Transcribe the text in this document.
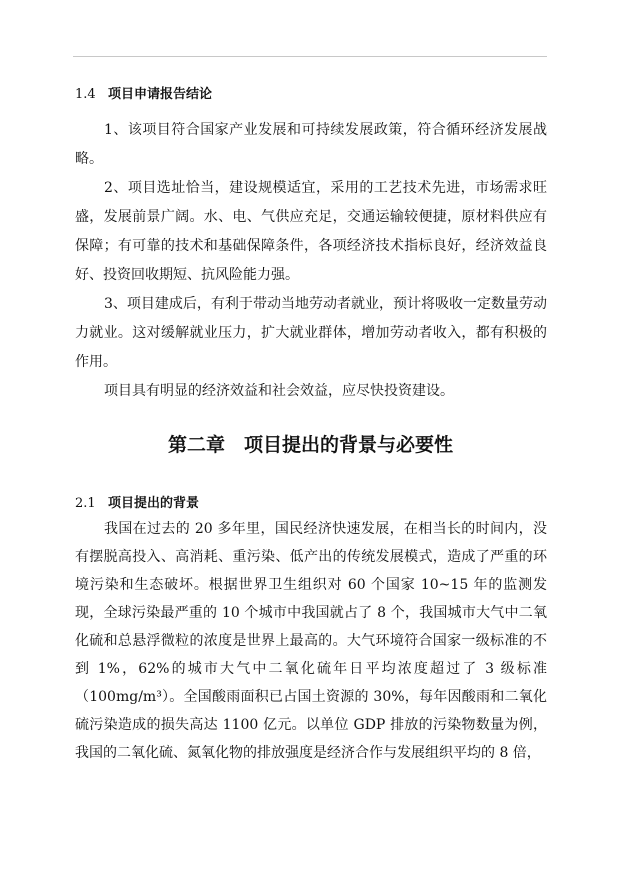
1.4 项目申请报告结论

1、该项目符合国家产业发展和可持续发展政策，符合循环经济发展战略。

2、项目选址恰当，建设规模适宜，采用的工艺技术先进，市场需求旺盛，发展前景广阔。水、电、气供应充足，交通运输较便捷，原材料供应有保障；有可靠的技术和基础保障条件，各项经济技术指标良好，经济效益良好、投资回收期短、抗风险能力强。

3、项目建成后，有利于带动当地劳动者就业，预计将吸收一定数量劳动力就业。这对缓解就业压力，扩大就业群体，增加劳动者收入，都有积极的作用。

项目具有明显的经济效益和社会效益，应尽快投资建设。

第二章　项目提出的背景与必要性
2.1 项目提出的背景

我国在过去的 20 多年里，国民经济快速发展，在相当长的时间内，没有摆脱高投入、高消耗、重污染、低产出的传统发展模式，造成了严重的环境污染和生态破坏。根据世界卫生组织对 60 个国家 10~15 年的监测发现，全球污染最严重的 10 个城市中我国就占了 8 个，我国城市大气中二氧化硫和总悬浮微粒的浓度是世界上最高的。大气环境符合国家一级标准的不到 1%，62%的城市大气中二氧化硫年日平均浓度超过了 3 级标准（100mg/m³）。全国酸雨面积已占国土资源的 30%，每年因酸雨和二氧化硫污染造成的损失高达 1100 亿元。以单位 GDP 排放的污染物数量为例，我国的二氧化硫、氮氧化物的排放强度是经济合作与发展组织平均的 8 倍，
